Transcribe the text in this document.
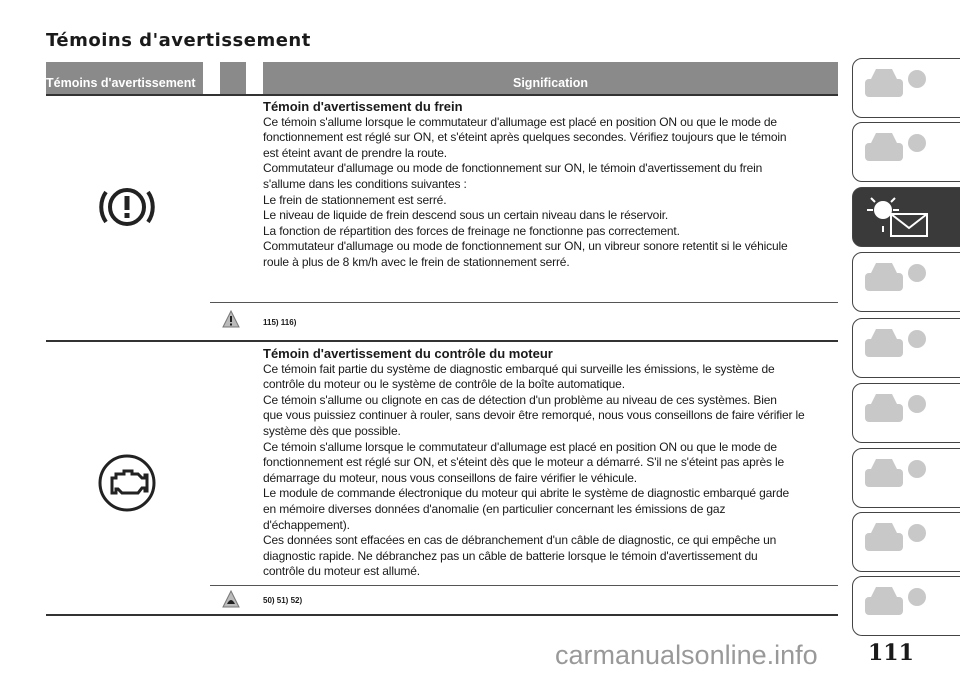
Témoins d'avertissement
Témoins d'avertissement	Signification
Témoin d'avertissement du frein
Ce témoin s'allume lorsque le commutateur d'allumage est placé en position ON ou que le mode de
fonctionnement est réglé sur ON, et s'éteint après quelques secondes. Vérifiez toujours que le témoin
est éteint avant de prendre la route.
Commutateur d'allumage ou mode de fonctionnement sur ON, le témoin d'avertissement du frein
s'allume dans les conditions suivantes :
Le frein de stationnement est serré.
Le niveau de liquide de frein descend sous un certain niveau dans le réservoir.
La fonction de répartition des forces de freinage ne fonctionne pas correctement.
Commutateur d'allumage ou mode de fonctionnement sur ON, un vibreur sonore retentit si le véhicule
roule à plus de 8 km/h avec le frein de stationnement serré.
115) 116)
Témoin d'avertissement du contrôle du moteur
Ce témoin fait partie du système de diagnostic embarqué qui surveille les émissions, le système de
contrôle du moteur ou le système de contrôle de la boîte automatique.
Ce témoin s'allume ou clignote en cas de détection d'un problème au niveau de ces systèmes. Bien
que vous puissiez continuer à rouler, sans devoir être remorqué, nous vous conseillons de faire vérifier le
système dès que possible.
Ce témoin s'allume lorsque le commutateur d'allumage est placé en position ON ou que le mode de
fonctionnement est réglé sur ON, et s'éteint dès que le moteur a démarré. S'il ne s'éteint pas après le
démarrage du moteur, nous vous conseillons de faire vérifier le véhicule.
Le module de commande électronique du moteur qui abrite le système de diagnostic embarqué garde
en mémoire diverses données d'anomalie (en particulier concernant les émissions de gaz
d'échappement).
Ces données sont effacées en cas de débranchement d'un câble de diagnostic, ce qui empêche un
diagnostic rapide. Ne débranchez pas un câble de batterie lorsque le témoin d'avertissement du
contrôle du moteur est allumé.
50) 51) 52)
carmanualsonline.info 111
